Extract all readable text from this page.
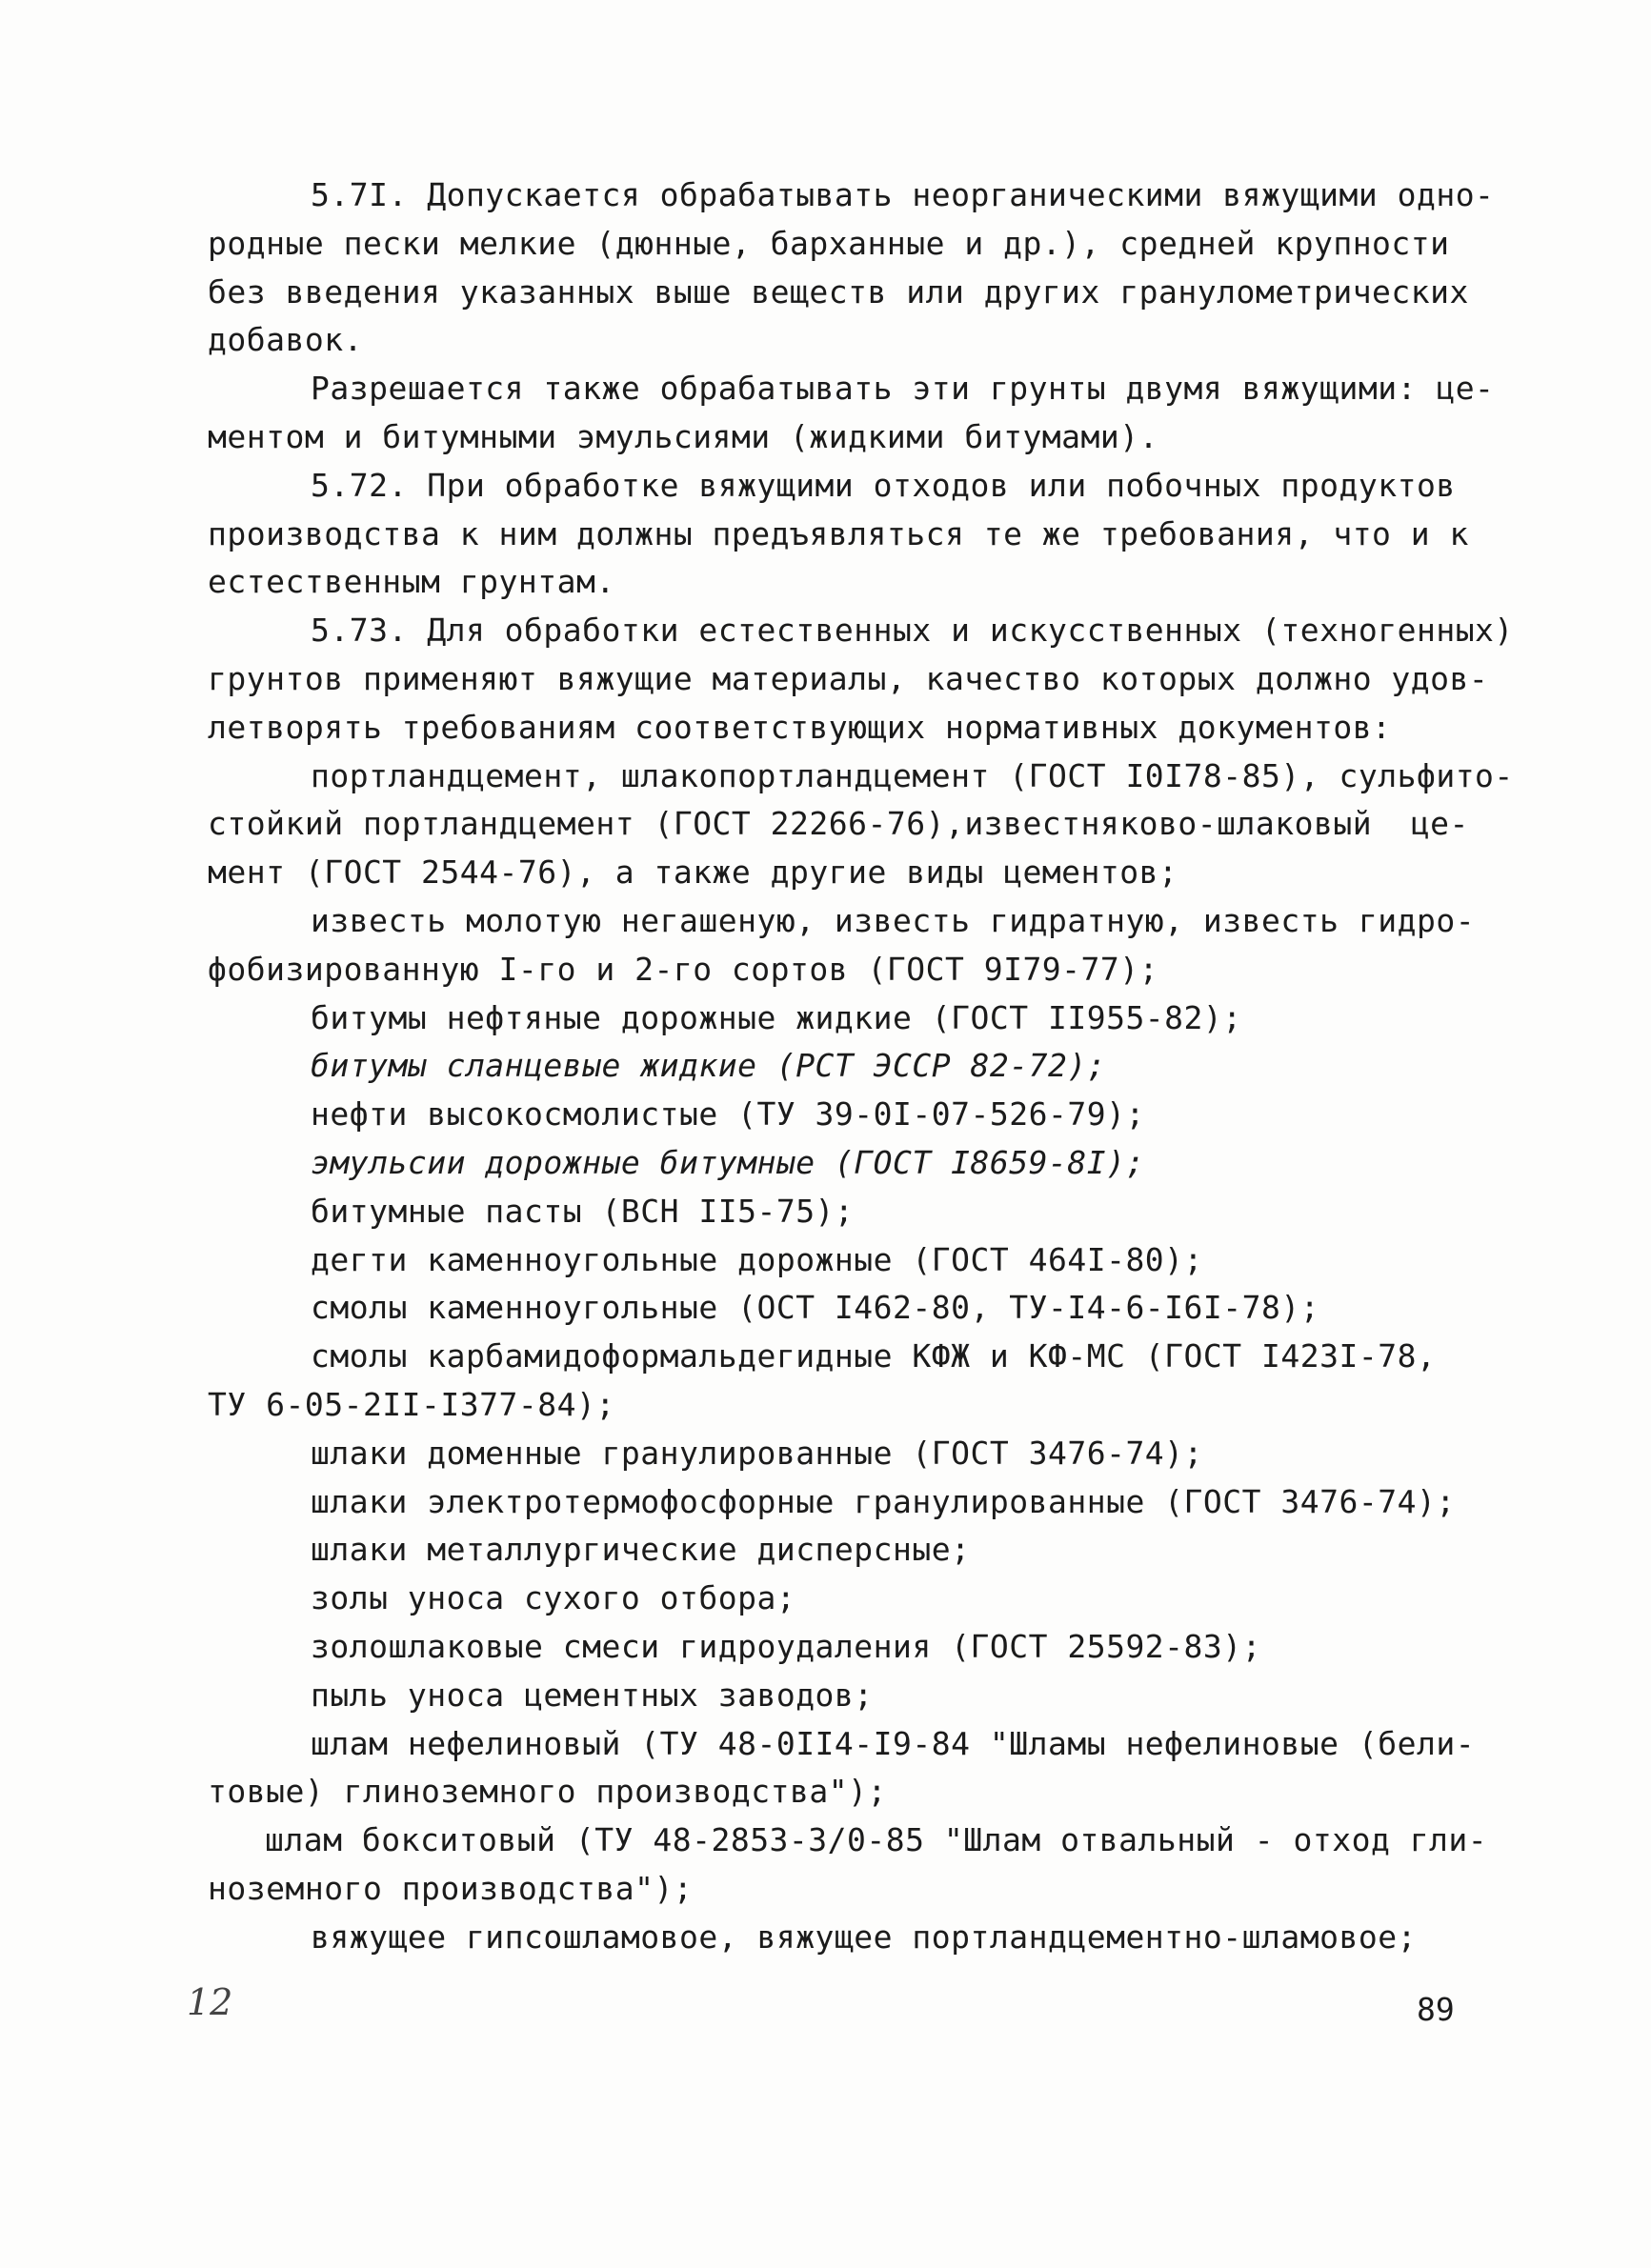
5.7I. Допускается обрабатывать неорганическими вяжущими одно-
родные пески мелкие (дюнные, барханные и др.), средней крупности
без введения указанных выше веществ или других гранулометрических
добавок.
Разрешается также обрабатывать эти грунты двумя вяжущими: це-
ментом и битумными эмульсиями (жидкими битумами).
5.72. При обработке вяжущими отходов или побочных продуктов
производства к ним должны предъявляться те же требования, что и к
естественным грунтам.
5.73. Для обработки естественных и искусственных (техногенных)
грунтов применяют вяжущие материалы, качество которых должно удов-
летворять требованиям соответствующих нормативных документов:
портландцемент, шлакопортландцемент (ГОСТ I0I78-85), сульфито-
стойкий портландцемент (ГОСТ 22266-76),известняково-шлаковый  це-
мент (ГОСТ 2544-76), а также другие виды цементов;
известь молотую негашеную, известь гидратную, известь гидро-
фобизированную I-го и 2-го сортов (ГОСТ 9I79-77);
битумы нефтяные дорожные жидкие (ГОСТ II955-82);
битумы сланцевые жидкие (РСТ ЭССР 82-72);
нефти высокосмолистые (ТУ 39-0I-07-526-79);
эмульсии дорожные битумные (ГОСТ I8659-8I);
битумные пасты (ВСН II5-75);
дегти каменноугольные дорожные (ГОСТ 464I-80);
смолы каменноугольные (ОСТ I462-80, ТУ-I4-6-I6I-78);
смолы карбамидоформальдегидные КФЖ и КФ-МС (ГОСТ I423I-78,
ТУ 6-05-2II-I377-84);
шлаки доменные гранулированные (ГОСТ 3476-74);
шлаки электротермофосфорные гранулированные (ГОСТ 3476-74);
шлаки металлургические дисперсные;
золы уноса сухого отбора;
золошлаковые смеси гидроудаления (ГОСТ 25592-83);
пыль уноса цементных заводов;
шлам нефелиновый (ТУ 48-0II4-I9-84 "Шламы нефелиновые (бели-
товые) глиноземного производства");
шлам бокситовый (ТУ 48-2853-3/0-85 "Шлам отвальный - отход гли-
ноземного производства");
вяжущее гипсошламовое, вяжущее портландцементно-шламовое;
12	89
